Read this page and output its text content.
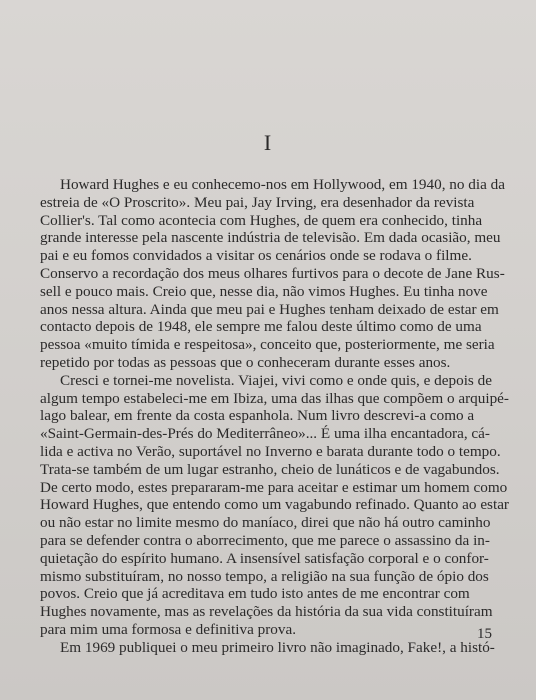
I
Howard Hughes e eu conhecemo-nos em Hollywood, em 1940, no dia da
estreia de «O Proscrito». Meu pai, Jay Irving, era desenhador da revista
Collier's. Tal como acontecia com Hughes, de quem era conhecido, tinha
grande interesse pela nascente indústria de televisão. Em dada ocasião, meu
pai e eu fomos convidados a visitar os cenários onde se rodava o filme.
Conservo a recordação dos meus olhares furtivos para o decote de Jane Rus-
sell e pouco mais. Creio que, nesse dia, não vimos Hughes. Eu tinha nove
anos nessa altura. Ainda que meu pai e Hughes tenham deixado de estar em
contacto depois de 1948, ele sempre me falou deste último como de uma
pessoa «muito tímida e respeitosa», conceito que, posteriormente, me seria
repetido por todas as pessoas que o conheceram durante esses anos.
Cresci e tornei-me novelista. Viajei, vivi como e onde quis, e depois de
algum tempo estabeleci-me em Ibiza, uma das ilhas que compõem o arquipé-
lago balear, em frente da costa espanhola. Num livro descrevi-a como a
«Saint-Germain-des-Prés do Mediterrâneo»... É uma ilha encantadora, cá-
lida e activa no Verão, suportável no Inverno e barata durante todo o tempo.
Trata-se também de um lugar estranho, cheio de lunáticos e de vagabundos.
De certo modo, estes prepararam-me para aceitar e estimar um homem como
Howard Hughes, que entendo como um vagabundo refinado. Quanto ao estar
ou não estar no limite mesmo do maníaco, direi que não há outro caminho
para se defender contra o aborrecimento, que me parece o assassino da in-
quietação do espírito humano. A insensível satisfação corporal e o confor-
mismo substituíram, no nosso tempo, a religião na sua função de ópio dos
povos. Creio que já acreditava em tudo isto antes de me encontrar com
Hughes novamente, mas as revelações da história da sua vida constituíram
para mim uma formosa e definitiva prova.
Em 1969 publiquei o meu primeiro livro não imaginado, Fake!, a histó-
15
